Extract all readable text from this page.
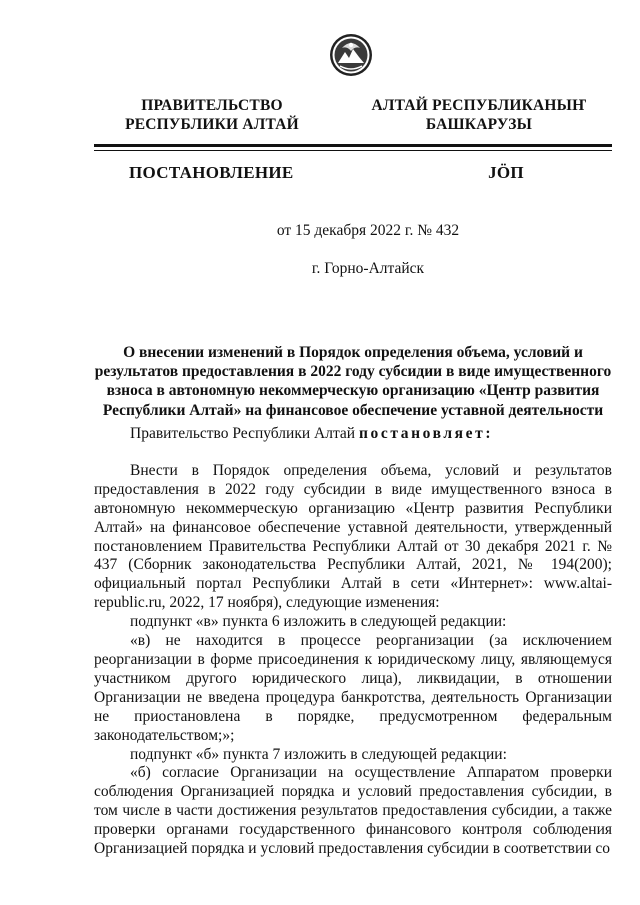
ПРАВИТЕЛЬСТВО
РЕСПУБЛИКИ АЛТАЙ
АЛТАЙ РЕСПУБЛИКАНЫҤ
БАШКАРУЗЫ
ПОСТАНОВЛЕНИЕ	JӦП
от 15 декабря 2022 г. № 432
г. Горно-Алтайск
О внесении изменений в Порядок определения объема, условий и результатов предоставления в 2022 году субсидии в виде имущественного взноса в автономную некоммерческую организацию «Центр развития Республики Алтай» на финансовое обеспечение уставной деятельности

Правительство Республики Алтай постановляет:

Внести в Порядок определения объема, условий и результатов предоставления в 2022 году субсидии в виде имущественного взноса в автономную некоммерческую организацию «Центр развития Республики Алтай» на финансовое обеспечение уставной деятельности, утвержденный постановлением Правительства Республики Алтай от 30 декабря 2021 г. № 437 (Сборник законодательства Республики Алтай, 2021, № 194(200); официальный портал Республики Алтай в сети «Интернет»: www.altai-republic.ru, 2022, 17 ноября), следующие изменения:

подпункт «в» пункта 6 изложить в следующей редакции:

«в) не находится в процессе реорганизации (за исключением реорганизации в форме присоединения к юридическому лицу, являющемуся участником другого юридического лица), ликвидации, в отношении Организации не введена процедура банкротства, деятельность Организации не приостановлена в порядке, предусмотренном федеральным законодательством;»;

подпункт «б» пункта 7 изложить в следующей редакции:

«б) согласие Организации на осуществление Аппаратом проверки соблюдения Организацией порядка и условий предоставления субсидии, в том числе в части достижения результатов предоставления субсидии, а также проверки органами государственного финансового контроля соблюдения Организацией порядка и условий предоставления субсидии в соответствии со
